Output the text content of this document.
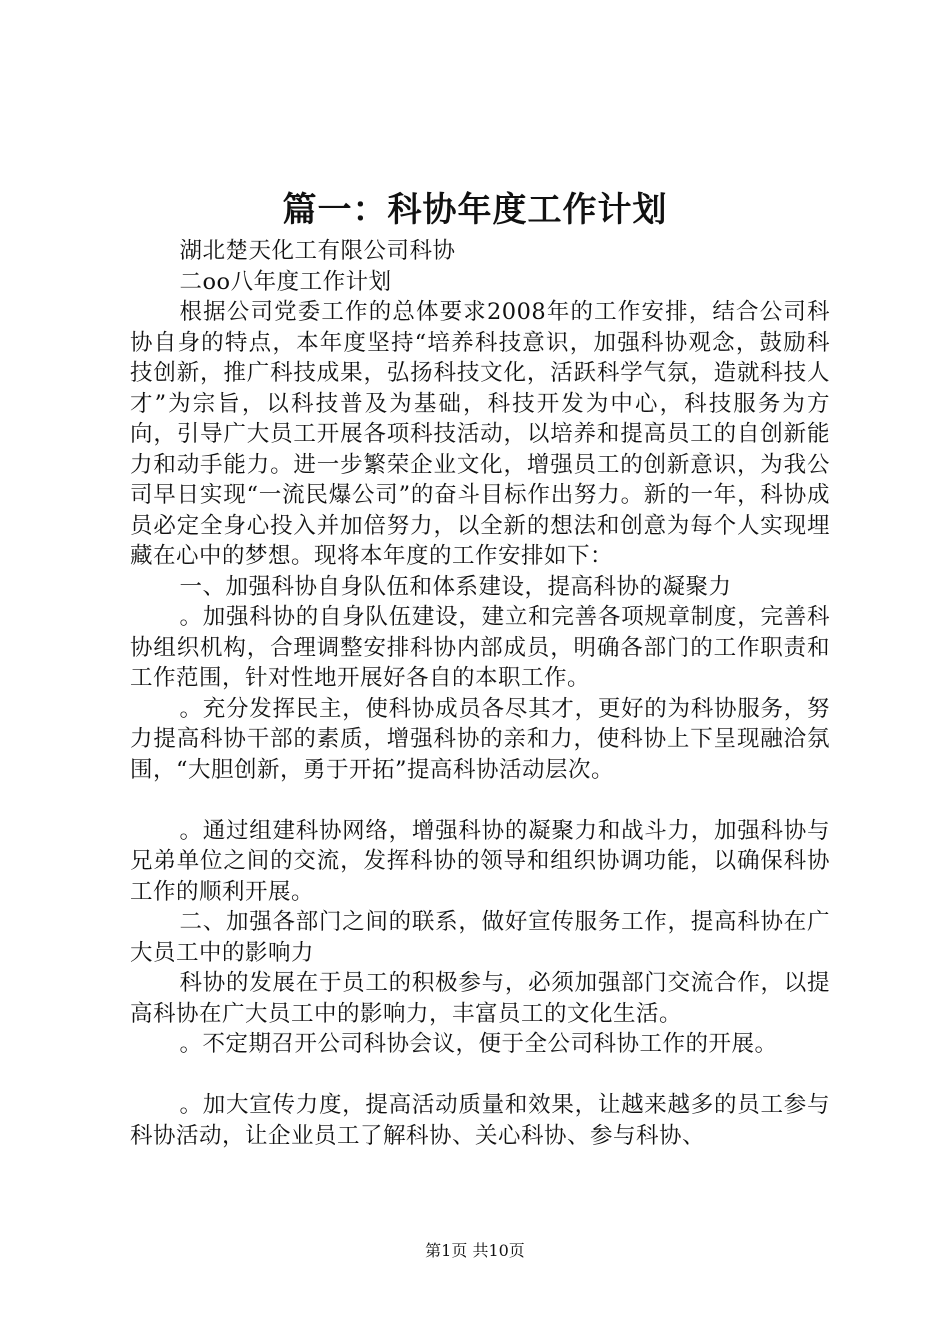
篇一：科协年度工作计划

湖北楚天化工有限公司科协

二oo八年度工作计划

根据公司党委工作的总体要求2008年的工作安排，结合公司科协自身的特点，本年度坚持“培养科技意识，加强科协观念，鼓励科技创新，推广科技成果，弘扬科技文化，活跃科学气氛，造就科技人才”为宗旨，以科技普及为基础，科技开发为中心，科技服务为方向，引导广大员工开展各项科技活动，以培养和提高员工的自创新能力和动手能力。进一步繁荣企业文化，增强员工的创新意识，为我公司早日实现“一流民爆公司”的奋斗目标作出努力。新的一年，科协成员必定全身心投入并加倍努力，以全新的想法和创意为每个人实现埋藏在心中的梦想。现将本年度的工作安排如下：

一、加强科协自身队伍和体系建设，提高科协的凝聚力

。加强科协的自身队伍建设，建立和完善各项规章制度，完善科协组织机构，合理调整安排科协内部成员，明确各部门的工作职责和工作范围，针对性地开展好各自的本职工作。

。充分发挥民主，使科协成员各尽其才，更好的为科协服务，努力提高科协干部的素质，增强科协的亲和力，使科协上下呈现融洽氛围，“大胆创新，勇于开拓”提高科协活动层次。

。通过组建科协网络，增强科协的凝聚力和战斗力，加强科协与兄弟单位之间的交流，发挥科协的领导和组织协调功能，以确保科协工作的顺利开展。

二、加强各部门之间的联系，做好宣传服务工作，提高科协在广大员工中的影响力

科协的发展在于员工的积极参与，必须加强部门交流合作，以提高科协在广大员工中的影响力，丰富员工的文化生活。

。不定期召开公司科协会议，便于全公司科协工作的开展。

。加大宣传力度，提高活动质量和效果，让越来越多的员工参与科协活动，让企业员工了解科协、关心科协、参与科协、

第1页 共10页
